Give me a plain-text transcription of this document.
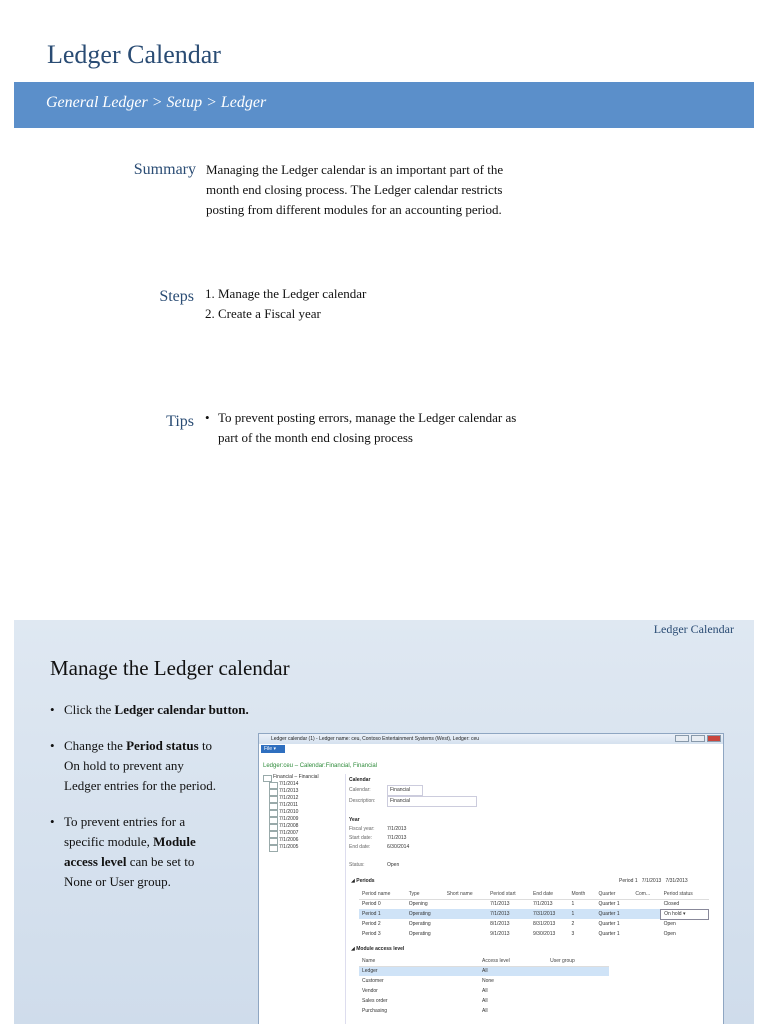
Ledger Calendar
General Ledger > Setup > Ledger
Summary Managing the Ledger calendar is an important part of the
month end closing process. The Ledger calendar restricts
posting from different modules for an accounting period.
Steps 1. Manage the Ledger calendar
2. Create a Fiscal year
Tips • To prevent posting errors, manage the Ledger calendar as
part of the month end closing process
Ledger Calendar
Manage the Ledger calendar
• Click the Ledger calendar button.
• Change the Period status to
On hold to prevent any
Ledger entries for the period.
• To prevent entries for a
specific module, Module
access level can be set to
None or User group.
Ledger calendar (1) - Ledger name: ceu, Contoso Entertainment Systems (West), Ledger: ceu
File ▾
Ledger:ceu – Calendar:Financial, Financial
Financial – Financial
7/1/2014
7/1/2013
7/1/2012
7/1/2011
7/1/2010
7/1/2009
7/1/2008
7/1/2007
7/1/2006
7/1/2005
Calendar
Calendar:	Financial
Description:	Financial

Year
Fiscal year: 7/1/2013
Start date:	7/1/2013
End date:	6/30/2014

Status:	Open
◢ Periods	Period 1 7/1/2013 7/31/2013
Period name	Type	Short name	Period start	End date	Month	Quarter	Com...	Period status
Period 0	Opening		7/1/2013	7/1/2013	1	Quarter 1		Closed
Period 1	Operating		7/1/2013	7/31/2013	1	Quarter 1		On hold ▾
Period 2	Operating		8/1/2013	8/31/2013	2	Quarter 1		Open
Period 3	Operating		9/1/2013	9/30/2013	3	Quarter 1		Open
◢ Module access level
Name	Access level	User group
Ledger	All	
Customer	None	
Vendor	All	
Sales order	All	
Purchasing	All	
